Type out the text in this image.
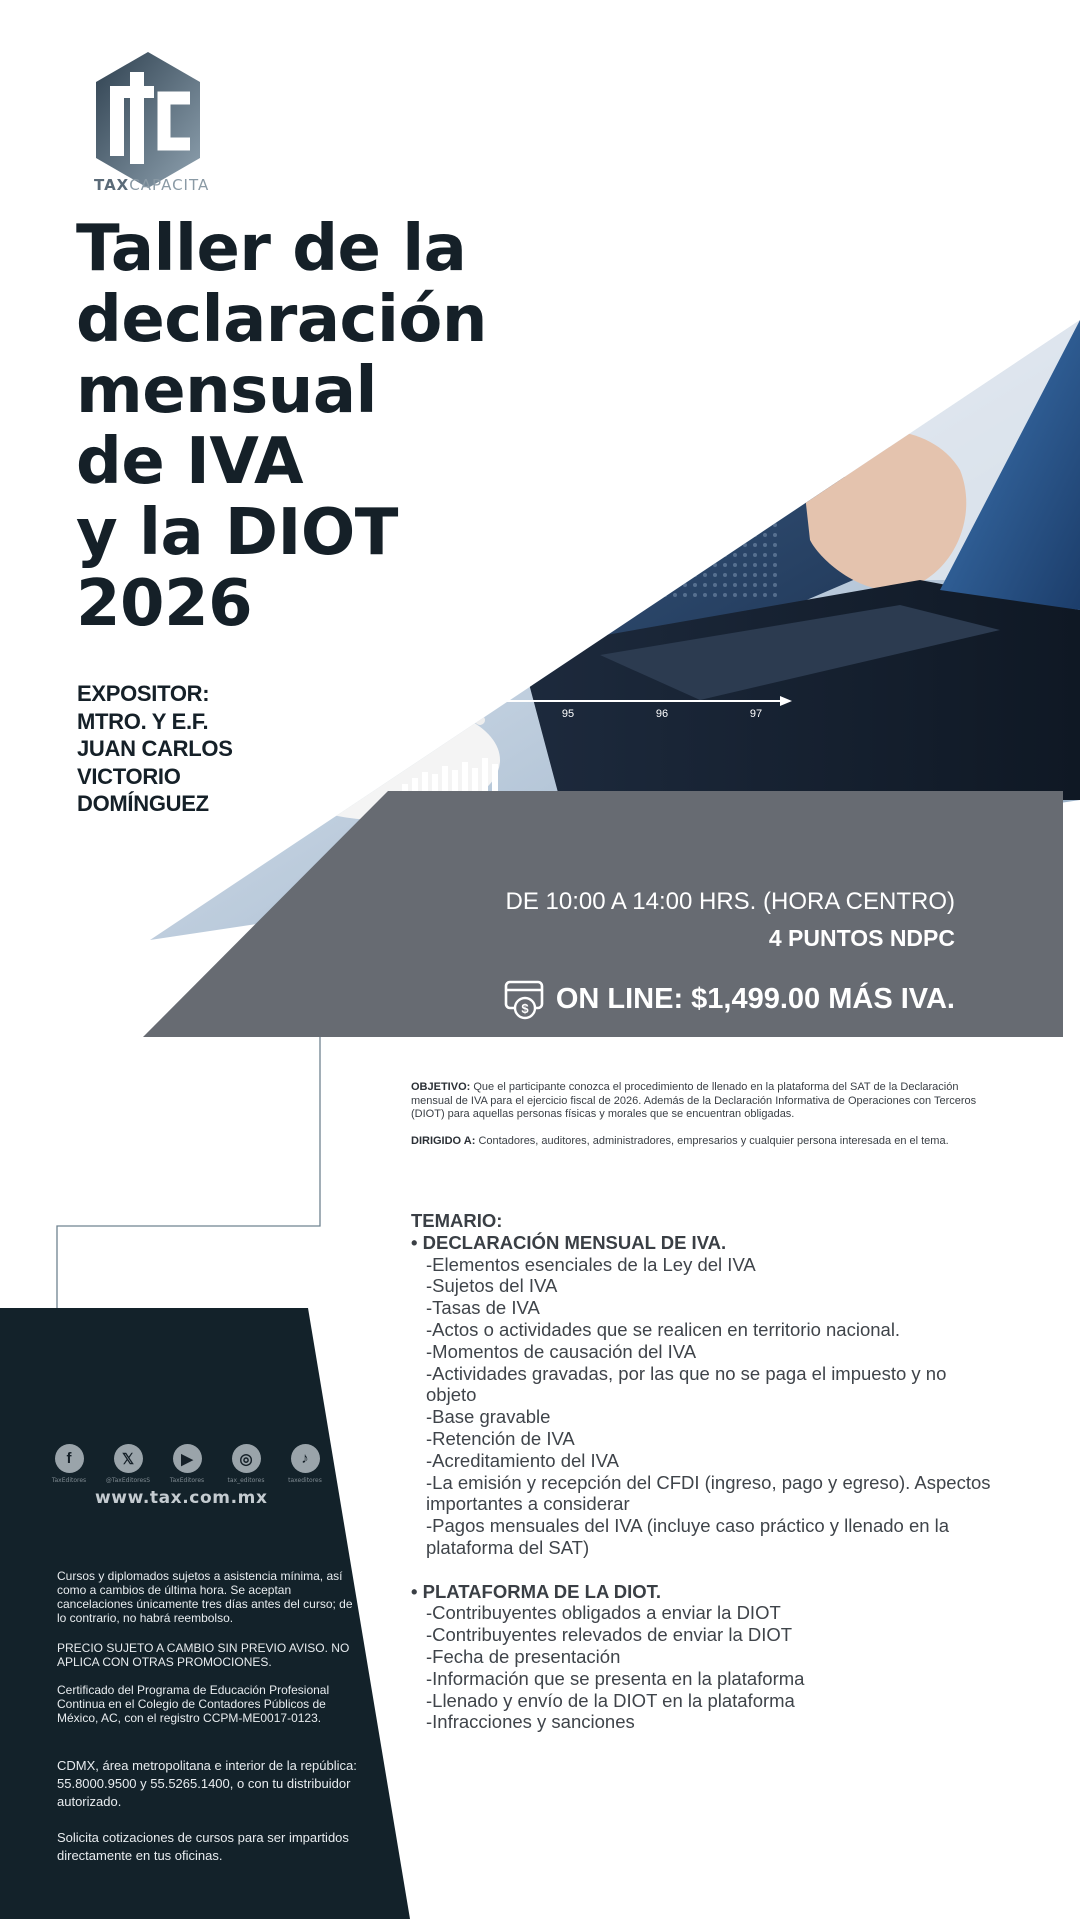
93	94	95	96	97
TAXCAPACITA
Taller de la
declaración
mensual
de IVA
y la DIOT
2026
EXPOSITOR:
MTRO. Y E.F.
JUAN CARLOS
VICTORIO
DOMÍNGUEZ
DE 10:00 A 14:00 HRS. (HORA CENTRO)
4 PUNTOS NDPC
$ ON LINE: $1,499.00 MÁS IVA.
OBJETIVO: Que el participante conozca el procedimiento de llenado en la plataforma del SAT de la Declaración mensual de IVA para el ejercicio fiscal de 2026. Además de la Declaración Informativa de Operaciones con Terceros (DIOT) para aquellas personas físicas y morales que se encuentran obligadas.
DIRIGIDO A: Contadores, auditores, administradores, empresarios y cualquier persona interesada en el tema.
TEMARIO:
• DECLARACIÓN MENSUAL DE IVA.
-Elementos esenciales de la Ley del IVA
-Sujetos del IVA
-Tasas de IVA
-Actos o actividades que se realicen en territorio nacional.
-Momentos de causación del IVA
-Actividades gravadas, por las que no se paga el impuesto y no objeto
-Base gravable
-Retención de IVA
-Acreditamiento del IVA
-La emisión y recepción del CFDI (ingreso, pago y egreso). Aspectos importantes a considerar
-Pagos mensuales del IVA (incluye caso práctico y llenado en la plataforma del SAT)
• PLATAFORMA DE LA DIOT.
-Contribuyentes obligados a enviar la DIOT
-Contribuyentes relevados de enviar la DIOT
-Fecha de presentación
-Información que se presenta en la plataforma
-Llenado y envío de la DIOT en la plataforma
-Infracciones y sanciones
f
TaxEditores
𝕏
@TaxEditoresS
▶
TaxEditores
◎
tax_editores
♪
taxeditores
www.tax.com.mx
Cursos y diplomados sujetos a asistencia mínima, así como a cambios de última hora. Se aceptan cancelaciones únicamente tres días antes del curso; de lo contrario, no habrá reembolso.
PRECIO SUJETO A CAMBIO SIN PREVIO AVISO. NO APLICA CON OTRAS PROMOCIONES.
Certificado del Programa de Educación Profesional Continua en el Colegio de Contadores Públicos de México, AC, con el registro CCPM-ME0017-0123.
CDMX, área metropolitana e interior de la república: 55.8000.9500 y 55.5265.1400, o con tu distribuidor autorizado.
Solicita cotizaciones de cursos para ser impartidos directamente en tus oficinas.
